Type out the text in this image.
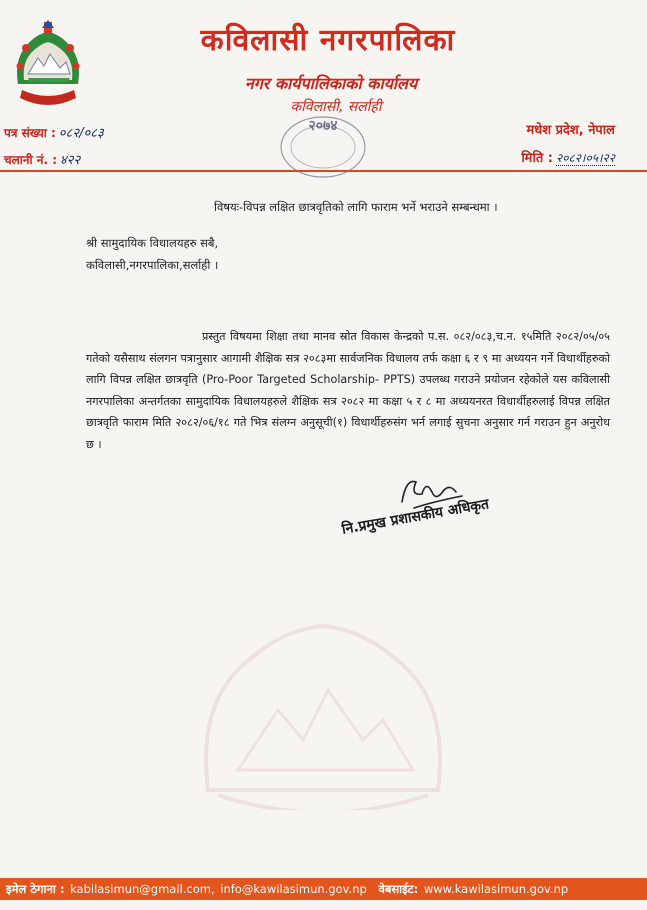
कविलासी नगरपालिका
नगर कार्यपालिकाको कार्यालय
कविलासी, सर्लाही
पत्र संख्या : ०८२/०८३
चलानी नं. : ४२२
मधेश प्रदेश, नेपाल
मिति : २०८२।०५।२२
२०७४
विषयः-विपन्न लक्षित छात्रवृतिको लागि फाराम भर्ने भराउने सम्बन्धमा ।
श्री सामुदायिक विधालयहरु सबै,
कविलासी,नगरपालिका,सर्लाही ।
प्रस्तुत विषयमा शिक्षा तथा मानव स्रोत विकास केन्द्रको प.स. ०८२/०८३,च.न. १५मिति २०८२/०५/०५ गतेको यसैसाथ संलगन पत्रानुसार आगामी शैक्षिक सत्र २०८३मा सार्वजनिक विधालय तर्फ कक्षा ६ र ९ मा अध्ययन गर्ने विधार्थीहरुको लागि विपन्न लक्षित छात्रवृति (Pro-Poor Targeted Scholarship- PPTS) उपलब्ध गराउने प्रयोजन रहेकोले यस कविलासी नगरपालिका अन्तर्गतका सामुदायिक विधालयहरुले शैक्षिक सत्र २०८२ मा कक्षा ५ र ८ मा अध्ययनरत विधार्थीहरुलाई विपन्न लक्षित छात्रवृति फाराम मिति २०८२/०६/१८ गते भित्र संलग्न अनुसूची(१) विधार्थीहरुसंग भर्न लगाई सुचना अनुसार गर्न गराउन हुन अनुरोध छ ।
नि.प्रमुख प्रशासकीय अधिकृत
इमेल ठेगाना : kabilasimun@gmail.com, info@kawilasimun.gov.np वेबसाईट: www.kawilasimun.gov.np
